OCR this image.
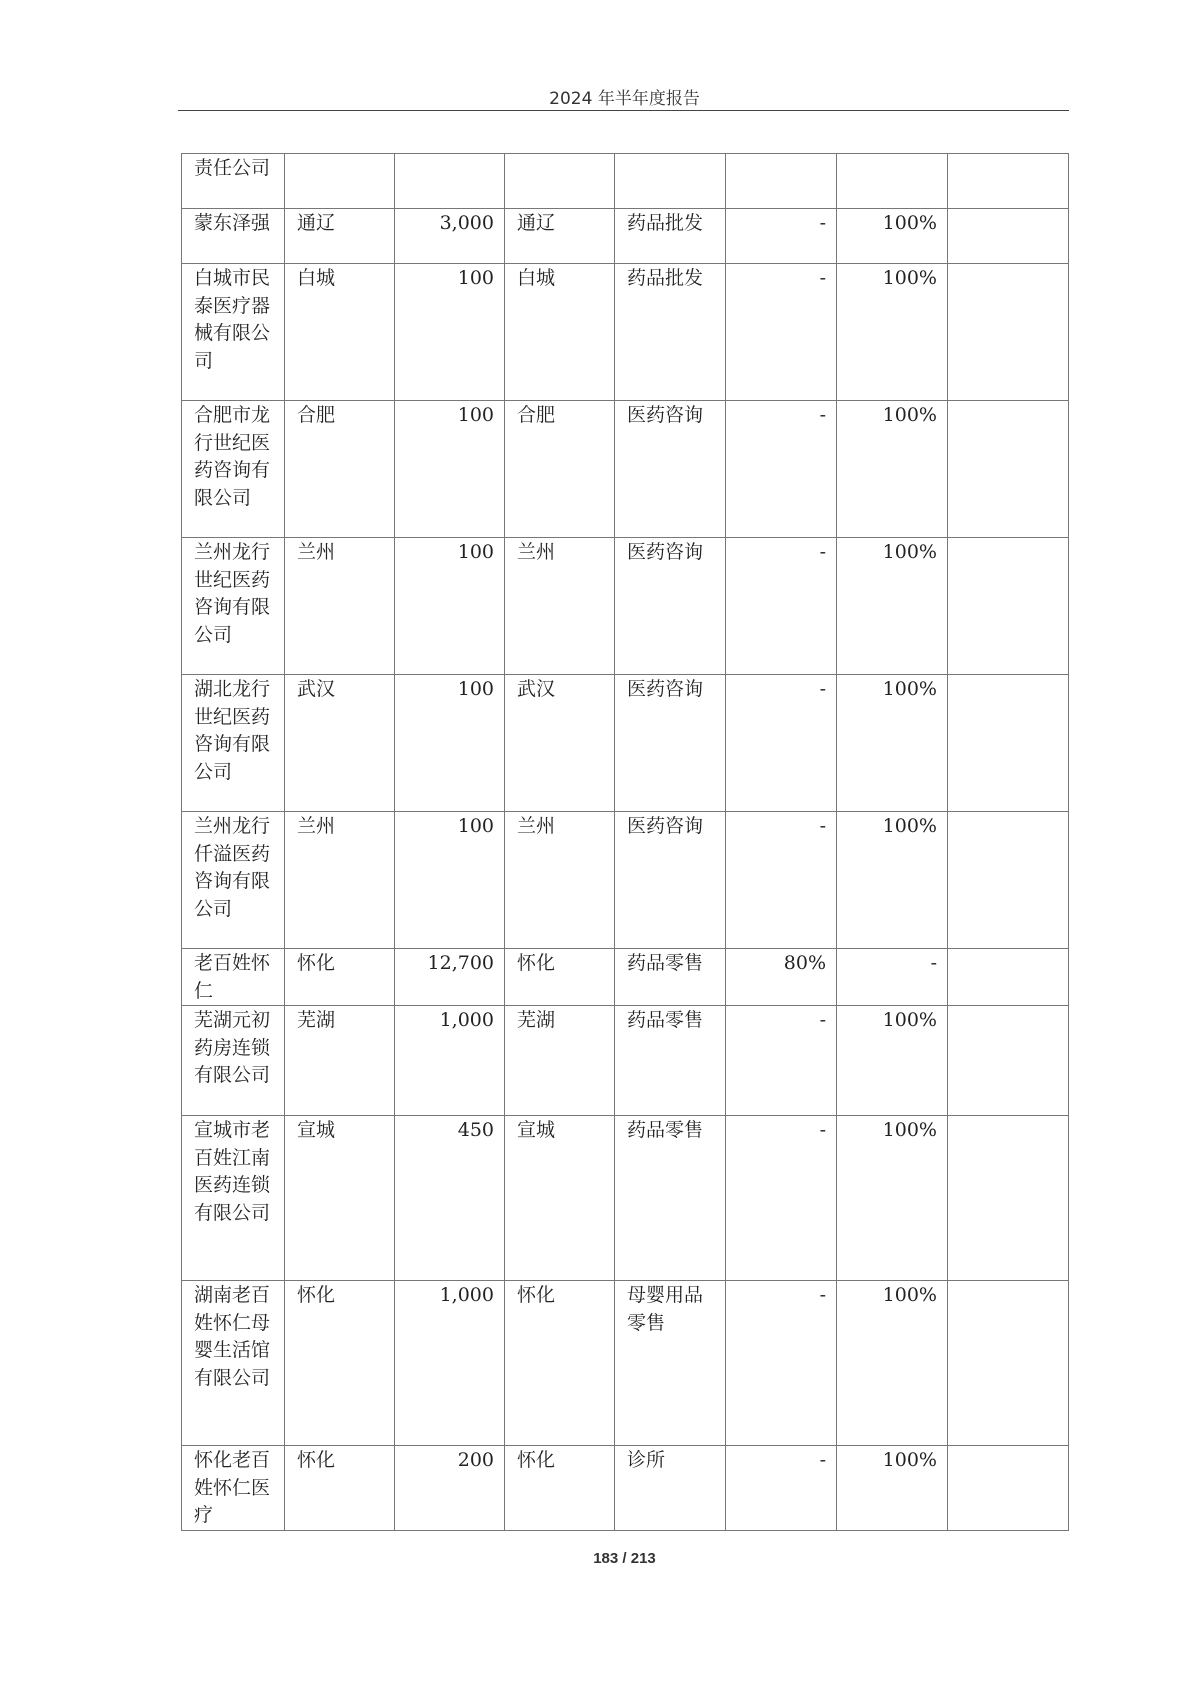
2024 年半年度报告
责任公司							
蒙东泽强	通辽	3,000	通辽	药品批发	-	100%	
白城市民泰医疗器械有限公司	白城	100	白城	药品批发	-	100%	
合肥市龙行世纪医药咨询有限公司	合肥	100	合肥	医药咨询	-	100%	
兰州龙行世纪医药咨询有限公司	兰州	100	兰州	医药咨询	-	100%	
湖北龙行世纪医药咨询有限公司	武汉	100	武汉	医药咨询	-	100%	
兰州龙行仟溢医药咨询有限公司	兰州	100	兰州	医药咨询	-	100%	
老百姓怀仁	怀化	12,700	怀化	药品零售	80%	-	
芜湖元初药房连锁有限公司	芜湖	1,000	芜湖	药品零售	-	100%	
宣城市老百姓江南医药连锁有限公司	宣城	450	宣城	药品零售	-	100%	
湖南老百姓怀仁母婴生活馆有限公司	怀化	1,000	怀化	母婴用品零售	-	100%	
怀化老百姓怀仁医疗	怀化	200	怀化	诊所	-	100%	
183 / 213
